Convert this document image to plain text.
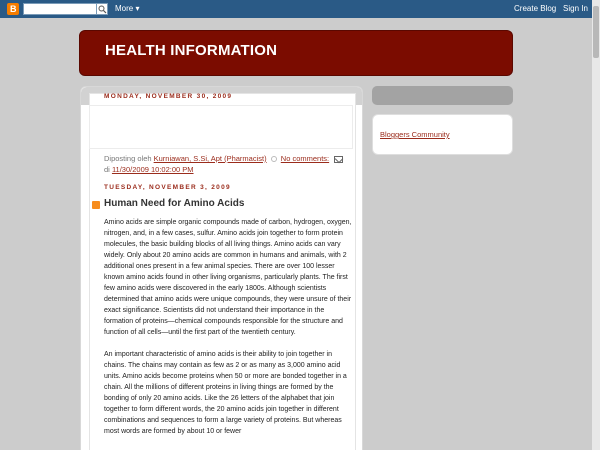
B	More ▾	Create Blog Sign In
HEALTH INFORMATION
MONDAY, NOVEMBER 30, 2009
Diposting oleh Kurniawan, S.Si, Apt (Pharmacist) No comments:
di 11/30/2009 10:02:00 PM
TUESDAY, NOVEMBER 3, 2009
Human Need for Amino Acids

Amino acids are simple organic compounds made of carbon, hydrogen, oxygen, nitrogen, and, in a few cases, sulfur. Amino acids join together to form protein molecules, the basic building blocks of all living things. Amino acids can vary widely. Only about 20 amino acids are common in humans and animals, with 2 additional ones present in a few animal species. There are over 100 lesser known amino acids found in other living organisms, particularly plants. The first few amino acids were discovered in the early 1800s. Although scientists determined that amino acids were unique compounds, they were unsure of their exact significance. Scientists did not understand their importance in the formation of proteins—chemical compounds responsible for the structure and function of all cells—until the first part of the twentieth century.

An important characteristic of amino acids is their ability to join together in chains. The chains may contain as few as 2 or as many as 3,000 amino acid units. Amino acids become proteins when 50 or more are bonded together in a chain. All the millions of different proteins in living things are formed by the bonding of only 20 amino acids. Like the 26 letters of the alphabet that join together to form different words, the 20 amino acids join together in different combinations and sequences to form a large variety of proteins. But whereas most words are formed by about 10 or fewer

Bloggers Community
